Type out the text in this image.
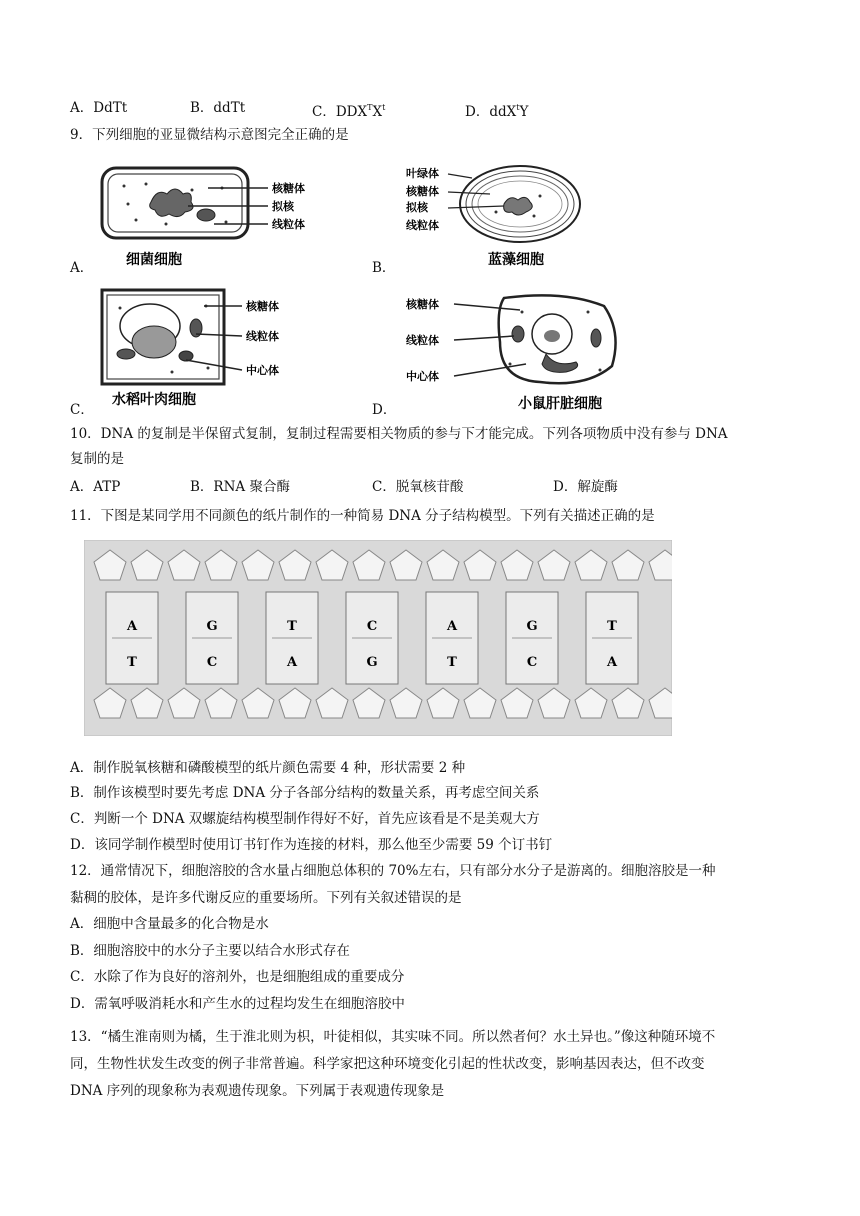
A．DdTt	B．ddTt	C．$DDX^TX^t$	D．ddX$^t$Y
9．下列细胞的亚显微结构示意图完全正确的是
核糖体
拟核
线粒体
细菌细胞
A．
叶绿体
核糖体
拟核
线粒体
蓝藻细胞
B．
核糖体
线粒体
中心体
水稻叶肉细胞
C．
核糖体
线粒体
中心体
小鼠肝脏细胞
D．
10．DNA 的复制是半保留式复制，复制过程需要相关物质的参与下才能完成。下列各项物质中没有参与 DNA
复制的是
A．ATP	B．RNA 聚合酶	C．脱氧核苷酸	D．解旋酶
11．下图是某同学用不同颜色的纸片制作的一种简易 DNA 分子结构模型。下列有关描述正确的是
A
T
G
C
T
A
C
G
A
T
G
C
T
A
A．制作脱氧核糖和磷酸模型的纸片颜色需要 4 种，形状需要 2 种
B．制作该模型时要先考虑 DNA 分子各部分结构的数量关系，再考虑空间关系
C．判断一个 DNA 双螺旋结构模型制作得好不好，首先应该看是不是美观大方
D．该同学制作模型时使用订书钉作为连接的材料，那么他至少需要 59 个订书钉
12．通常情况下，细胞溶胶的含水量占细胞总体积的 70%左右，只有部分水分子是游离的。细胞溶胶是一种
黏稠的胶体，是许多代谢反应的重要场所。下列有关叙述错误的是
A．细胞中含量最多的化合物是水
B．细胞溶胶中的水分子主要以结合水形式存在
C．水除了作为良好的溶剂外，也是细胞组成的重要成分
D．需氧呼吸消耗水和产生水的过程均发生在细胞溶胶中
13．“橘生淮南则为橘，生于淮北则为枳，叶徒相似，其实味不同。所以然者何？水土异也。”像这种随环境不
同，生物性状发生改变的例子非常普遍。科学家把这种环境变化引起的性状改变，影响基因表达，但不改变
DNA 序列的现象称为表观遗传现象。下列属于表观遗传现象是
